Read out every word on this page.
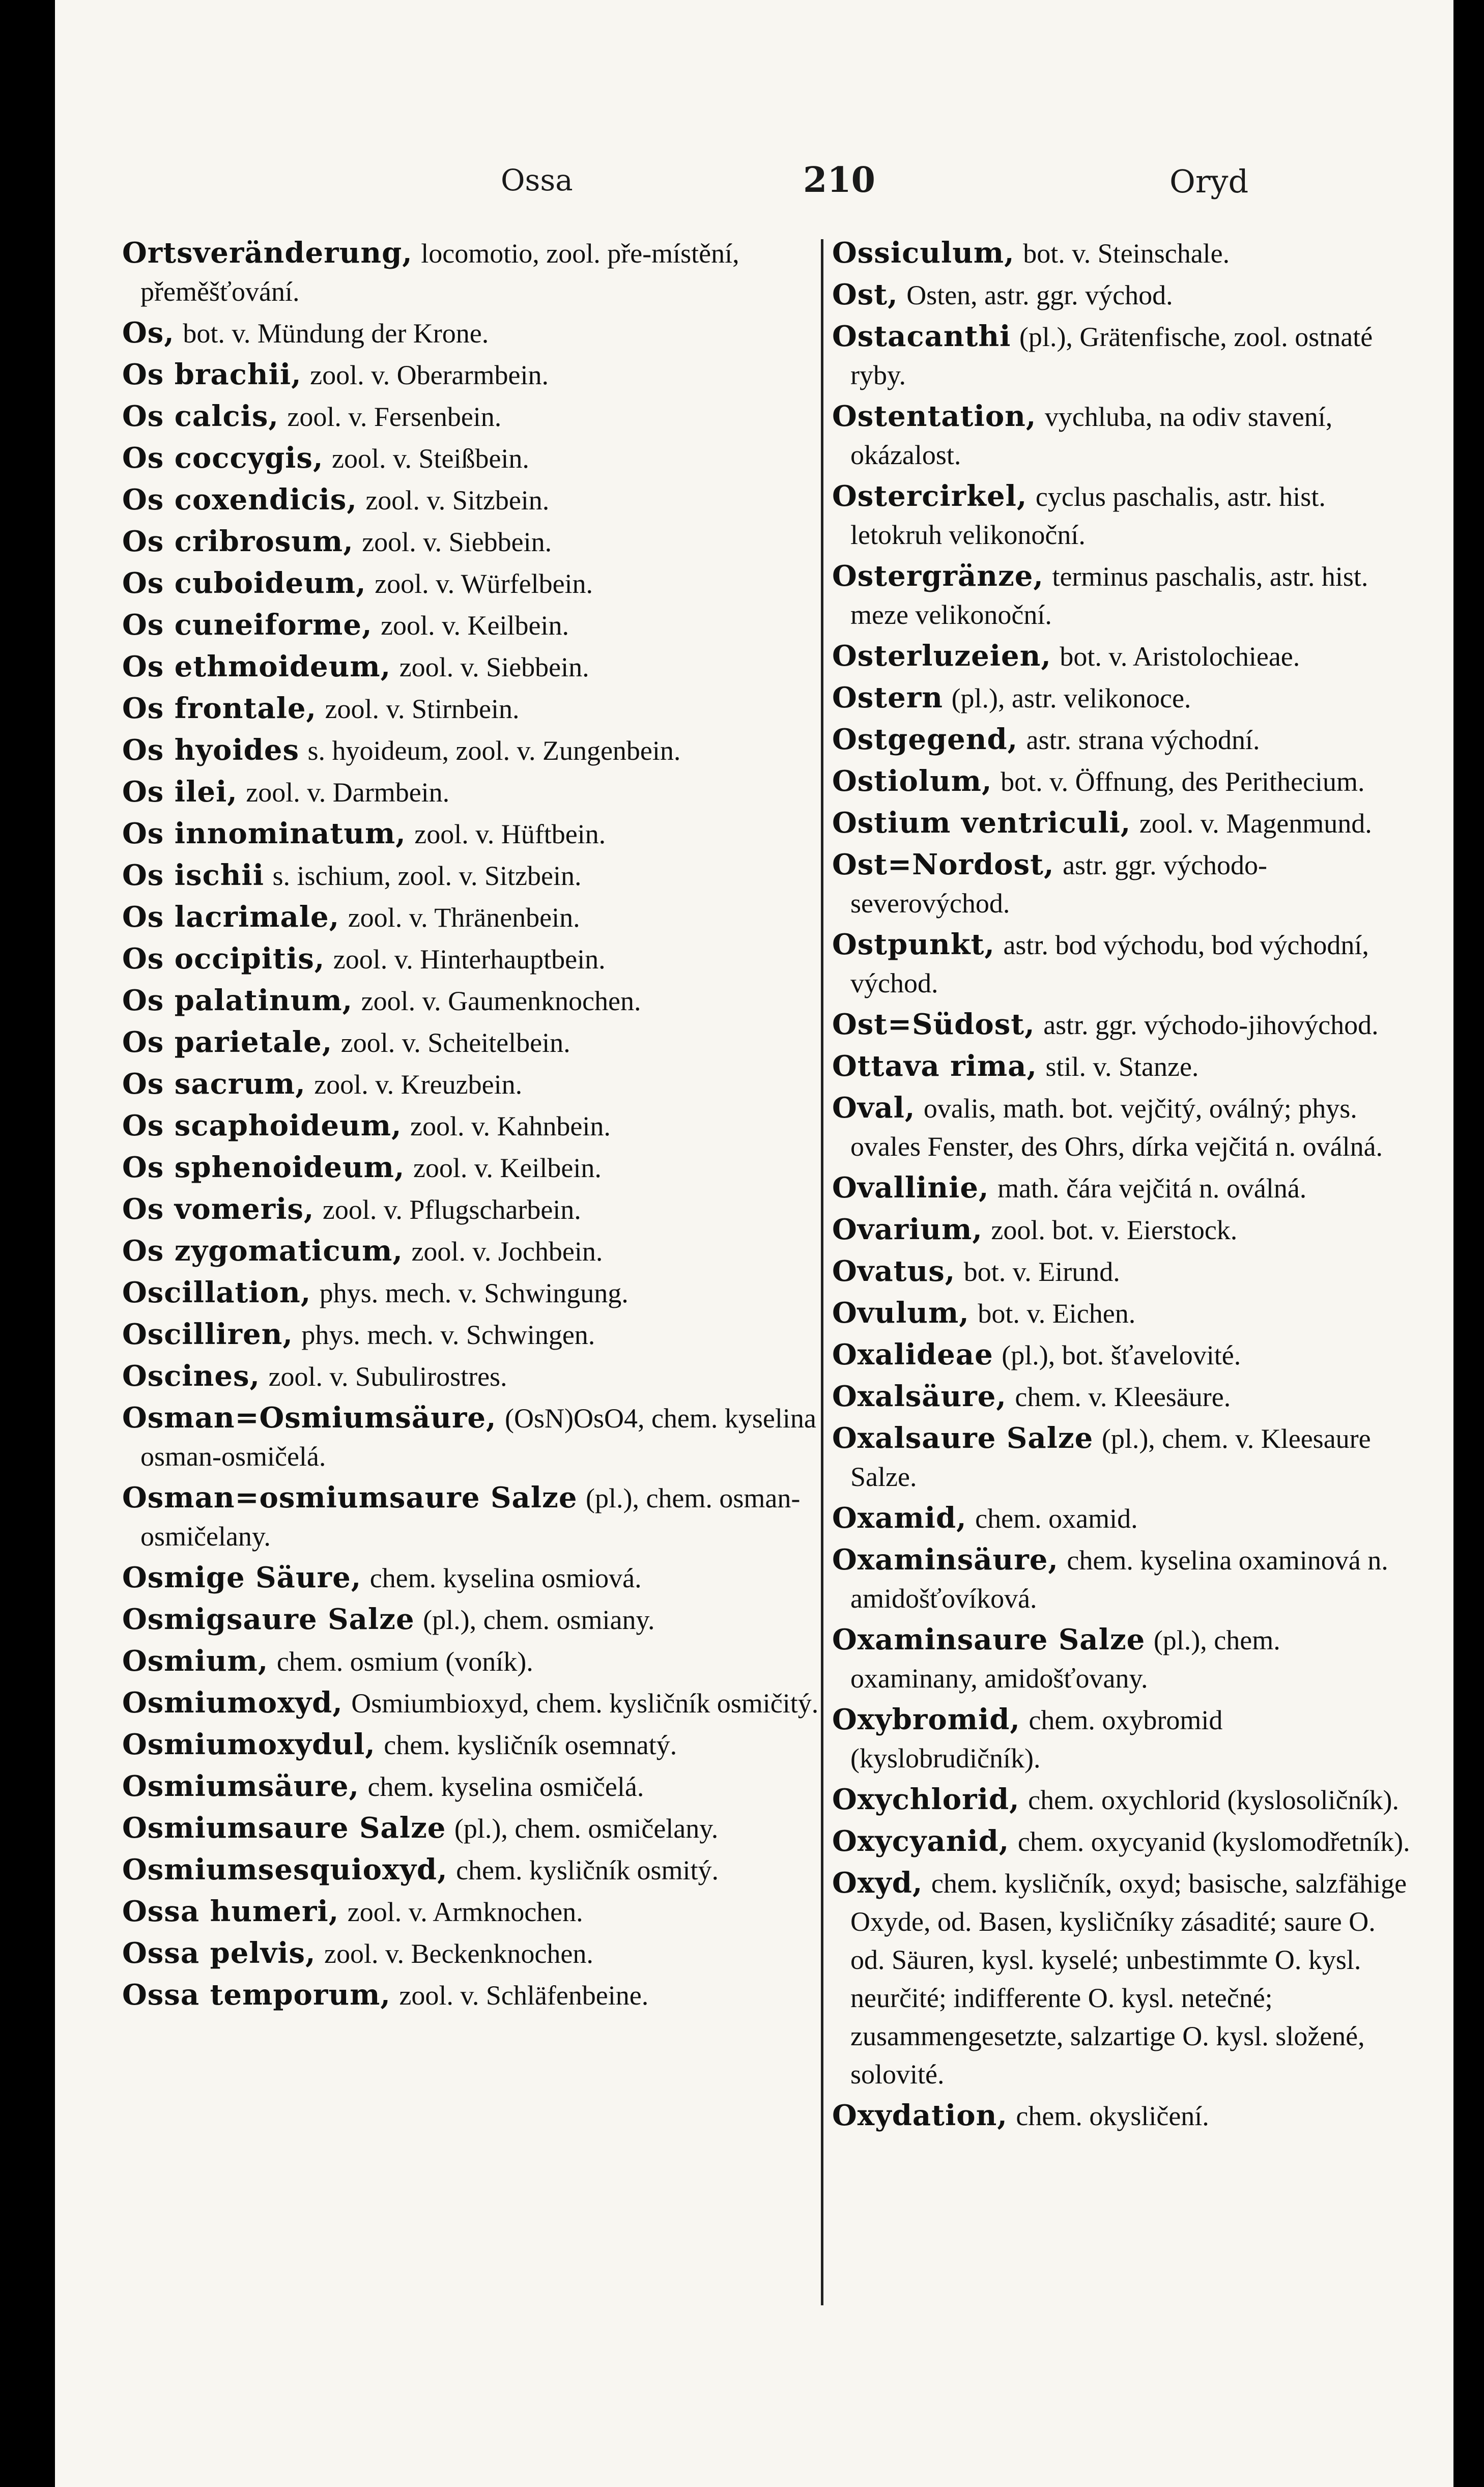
Ossa	210	Oryd
Ortsveränderung, locomotio, zool. pře-místění, přeměšťování.
Os, bot. v. Mündung der Krone.
Os brachii, zool. v. Oberarmbein.
Os calcis, zool. v. Fersenbein.
Os coccygis, zool. v. Steißbein.
Os coxendicis, zool. v. Sitzbein.
Os cribrosum, zool. v. Siebbein.
Os cuboideum, zool. v. Würfelbein.
Os cuneiforme, zool. v. Keilbein.
Os ethmoideum, zool. v. Siebbein.
Os frontale, zool. v. Stirnbein.
Os hyoides s. hyoideum, zool. v. Zungenbein.
Os ilei, zool. v. Darmbein.
Os innominatum, zool. v. Hüftbein.
Os ischii s. ischium, zool. v. Sitzbein.
Os lacrimale, zool. v. Thränenbein.
Os occipitis, zool. v. Hinterhauptbein.
Os palatinum, zool. v. Gaumenknochen.
Os parietale, zool. v. Scheitelbein.
Os sacrum, zool. v. Kreuzbein.
Os scaphoideum, zool. v. Kahnbein.
Os sphenoideum, zool. v. Keilbein.
Os vomeris, zool. v. Pflugscharbein.
Os zygomaticum, zool. v. Jochbein.
Oscillation, phys. mech. v. Schwingung.
Oscilliren, phys. mech. v. Schwingen.
Oscines, zool. v. Subulirostres.
Osman=Osmiumsäure, (OsN)OsO4, chem. kyselina osman-osmičelá.
Osman=osmiumsaure Salze (pl.), chem. osman-osmičelany.
Osmige Säure, chem. kyselina osmiová.
Osmigsaure Salze (pl.), chem. osmiany.
Osmium, chem. osmium (voník).
Osmiumoxyd, Osmiumbioxyd, chem. kysličník osmičitý.
Osmiumoxydul, chem. kysličník osemnatý.
Osmiumsäure, chem. kyselina osmičelá.
Osmiumsaure Salze (pl.), chem. osmičelany.
Osmiumsesquioxyd, chem. kysličník osmitý.
Ossa humeri, zool. v. Armknochen.
Ossa pelvis, zool. v. Beckenknochen.
Ossa temporum, zool. v. Schläfenbeine.
Ossiculum, bot. v. Steinschale.
Ost, Osten, astr. ggr. východ.
Ostacanthi (pl.), Grätenfische, zool. ostnaté ryby.
Ostentation, vychluba, na odiv stavení, okázalost.
Ostercirkel, cyclus paschalis, astr. hist. letokruh velikonoční.
Ostergränze, terminus paschalis, astr. hist. meze velikonoční.
Osterluzeien, bot. v. Aristolochieae.
Ostern (pl.), astr. velikonoce.
Ostgegend, astr. strana východní.
Ostiolum, bot. v. Öffnung, des Perithecium.
Ostium ventriculi, zool. v. Magenmund.
Ost=Nordost, astr. ggr. východo-severovýchod.
Ostpunkt, astr. bod východu, bod východní, východ.
Ost=Südost, astr. ggr. východo-jihovýchod.
Ottava rima, stil. v. Stanze.
Oval, ovalis, math. bot. vejčitý, oválný; phys. ovales Fenster, des Ohrs, dírka vejčitá n. oválná.
Ovallinie, math. čára vejčitá n. oválná.
Ovarium, zool. bot. v. Eierstock.
Ovatus, bot. v. Eirund.
Ovulum, bot. v. Eichen.
Oxalideae (pl.), bot. šťavelovité.
Oxalsäure, chem. v. Kleesäure.
Oxalsaure Salze (pl.), chem. v. Kleesaure Salze.
Oxamid, chem. oxamid.
Oxaminsäure, chem. kyselina oxaminová n. amidošťovíková.
Oxaminsaure Salze (pl.), chem. oxaminany, amidošťovany.
Oxybromid, chem. oxybromid (kyslobrudičník).
Oxychlorid, chem. oxychlorid (kyslosoličník).
Oxycyanid, chem. oxycyanid (kyslomodřetník).
Oxyd, chem. kysličník, oxyd; basische, salzfähige Oxyde, od. Basen, kysličníky zásadité; saure O. od. Säuren, kysl. kyselé; unbestimmte O. kysl. neurčité; indifferente O. kysl. netečné; zusammengesetzte, salzartige O. kysl. složené, solovité.
Oxydation, chem. okysličení.
